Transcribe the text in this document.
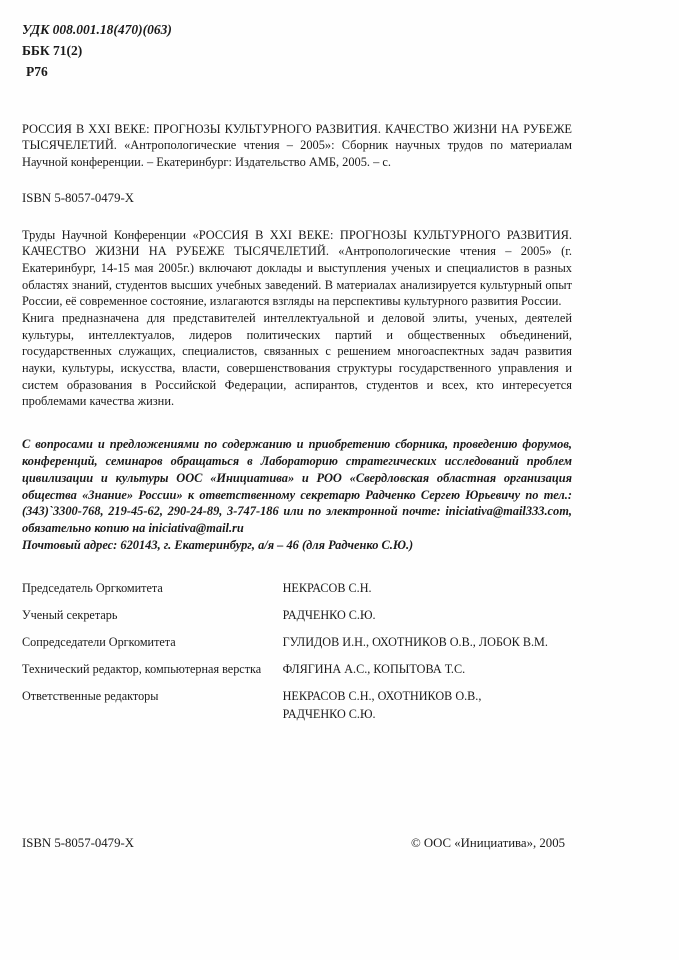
УДК 008.001.18(470)(063)
ББК 71(2)
Р76
РОССИЯ В XXI ВЕКЕ: ПРОГНОЗЫ КУЛЬТУРНОГО РАЗВИТИЯ. КАЧЕСТВО ЖИЗНИ НА РУБЕЖЕ ТЫСЯЧЕЛЕТИЙ. «Антропологические чтения – 2005»: Сборник научных трудов по материалам Научной конференции. – Екатеринбург: Издательство АМБ, 2005. – с.
ISBN 5-8057-0479-X

Труды Научной Конференции «РОССИЯ В XXI ВЕКЕ: ПРОГНОЗЫ КУЛЬТУРНОГО РАЗВИТИЯ. КАЧЕСТВО ЖИЗНИ НА РУБЕЖЕ ТЫСЯЧЕЛЕТИЙ. «Антропологические чтения – 2005» (г. Екатеринбург, 14-15 мая 2005г.) включают доклады и выступления ученых и специалистов в разных областях знаний, студентов высших учебных заведений. В материалах анализируется культурный опыт России, её современное состояние, излагаются взгляды на перспективы культурного развития России.

Книга предназначена для представителей интеллектуальной и деловой элиты, ученых, деятелей культуры, интеллектуалов, лидеров политических партий и общественных объединений, государственных служащих, специалистов, связанных с решением многоаспектных задач развития науки, культуры, искусства, власти, совершенствования структуры государственного управления и систем образования в Российской Федерации, аспирантов, студентов и всех, кто интересуется проблемами качества жизни.

С вопросами и предложениями по содержанию и приобретению сборника, проведению форумов, конференций, семинаров обращаться в Лабораторию стратегических исследований проблем цивилизации и культуры ООС «Инициатива» и РОО «Свердловская областная организация общества «Знание» России» к ответственному секретарю Радченко Сергею Юрьевичу по тел.: (343)`3300-768, 219-45-62, 290-24-89, 3-747-186 или по электронной почте: iniciativa@mail333.com, обязательно копию на iniciativa@mail.ru

Почтовый адрес: 620143, г. Екатеринбург, а/я – 46 (для Радченко С.Ю.)

Председатель Оргкомитета	НЕКРАСОВ С.Н.
Ученый секретарь	РАДЧЕНКО С.Ю.
Сопредседатели Оргкомитета	ГУЛИДОВ И.Н., ОХОТНИКОВ О.В., ЛОБОК В.М.
Технический редактор, компьютерная верстка	ФЛЯГИНА А.С., КОПЫТОВА Т.С.
Ответственные редакторы	НЕКРАСОВ С.Н., ОХОТНИКОВ О.В.,
РАДЧЕНКО С.Ю.
ISBN 5-8057-0479-X	© ООС «Инициатива», 2005
